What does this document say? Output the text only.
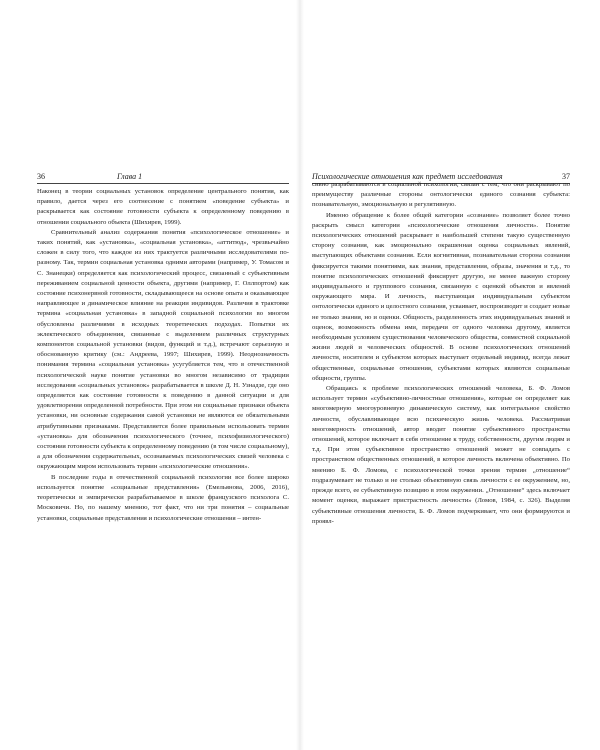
36	Глава 1

Наконец в теории социальных установок определение центрального понятия, как правило, дается через его соотнесение с понятием «поведение субъекта» и раскрывается как состояние готовности субъекта к определенному поведению в отношении социального объекта (Шихирев, 1999).

Сравнительный анализ содержания понятия «психологическое отношение» и таких понятий, как «установка», «социальная установка», «аттитюд», чрезвычайно сложен в силу того, что каждое из них трактуется различными исследователями по-разному. Так, термин социальная установка одними авторами (например, У. Томасом и С. Знанецки) определяется как психологический процесс, связанный с субъективным переживанием социальной ценности объекта, другими (например, Г. Оллпортом) как состояние психонервной готовности, складывающееся на основе опыта и оказывающее направляющее и динамическое влияние на реакции индивидов. Различия в трактовке термина «социальная установка» в западной социальной психологии во многом обусловлены различиями в исходных теоретических подходах. Попытки их эклектического объединения, связанные с выделением различных структурных компонентов социальной установки (видов, функций и т.д.), встречают серьезную и обоснованную критику (см.: Андреева, 1997; Шихирев, 1999). Неоднозначность понимания термина «социальная установка» усугубляется тем, что в отечественной психологической науке понятие установки во многом независимо от традиции исследования «социальных установок» разрабатывается в школе Д. Н. Узнадзе, где оно определяется как состояние готовности к поведению в данной ситуации и для удовлетворения определенной потребности. При этом ни социальные признаки объекта установки, ни основные содержания самой установки не являются ее обязательными атрибутивными признаками. Представляется более правильным использовать термин «установка» для обозначения психологического (точнее, психофизиологического) состояния готовности субъекта к определенному поведению (в том числе социальному), а для обозначения содержательных, осознаваемых психологических связей человека с окружающим миром использовать термин «психологические отношения».

В последние годы в отечественной социальной психологии все более широко используется понятие «социальные представления» (Емельянова, 2006, 2016), теоретически и эмпирически разрабатываемое в школе французского психолога С. Московичи. Но, по нашему мнению, тот факт, что ни три понятия – социальные установки, социальные представления и психологические отношения – интен-

Психологические отношения как предмет исследования	37

сивно разрабатываются в социальной психологии, связан с тем, что они раскрывают по преимуществу различные стороны онтологически единого сознания субъекта: познавательную, эмоциональную и регулятивную.

Именно обращение к более общей категории «сознание» позволяет более точно раскрыть смысл категории «психологические отношения личности». Понятие психологических отношений раскрывает в наибольшей степени такую существенную сторону сознания, как эмоционально окрашенная оценка социальных явлений, выступающих объектами сознания. Если когнитивная, познавательная сторона сознания фиксируется такими понятиями, как знания, представления, образы, значения и т.д., то понятие психологических отношений фиксирует другую, не менее важную сторону индивидуального и группового сознания, связанную с оценкой объектов и явлений окружающего мира. И личность, выступающая индивидуальным субъектом онтологически единого и целостного сознания, усваивает, воспроизводит и создает новые не только знания, но и оценки. Общность, разделенность этих индивидуальных знаний и оценок, возможность обмена ими, передачи от одного человека другому, является необходимым условием существования человеческого общества, совместной социальной жизни людей и человеческих общностей. В основе психологических отношений личности, носителем и субъектом которых выступает отдельный индивид, всегда лежат общественные, социальные отношения, субъектами которых являются социальные общности, группы.

Обращаясь к проблеме психологических отношений человека, Б. Ф. Ломов использует термин «субъективно-личностные отношения», которые он определяет как многомерную многоуровневую динамическую систему, как интегральное свойство личности, обуславливающее всю психическую жизнь человека. Рассматривая многомерность отношений, автор вводит понятие субъективного пространства отношений, которое включает в себя отношение к труду, собственности, другим людям и т.д. При этом субъективное пространство отношений может не совпадать с пространством общественных отношений, в которое личность включена объективно. По мнению Б. Ф. Ломова, с психологической точки зрения термин „отношение“ подразумевает не только и не столько объективную связь личности с ее окружением, но, прежде всего, ее субъективную позицию в этом окружении. „Отношение“ здесь включает момент оценки, выражает пристрастность личности» (Ломов, 1984, с. 326). Выделяя субъективные отношения личности, Б. Ф. Ломов подчеркивает, что они формируются и проявл-
